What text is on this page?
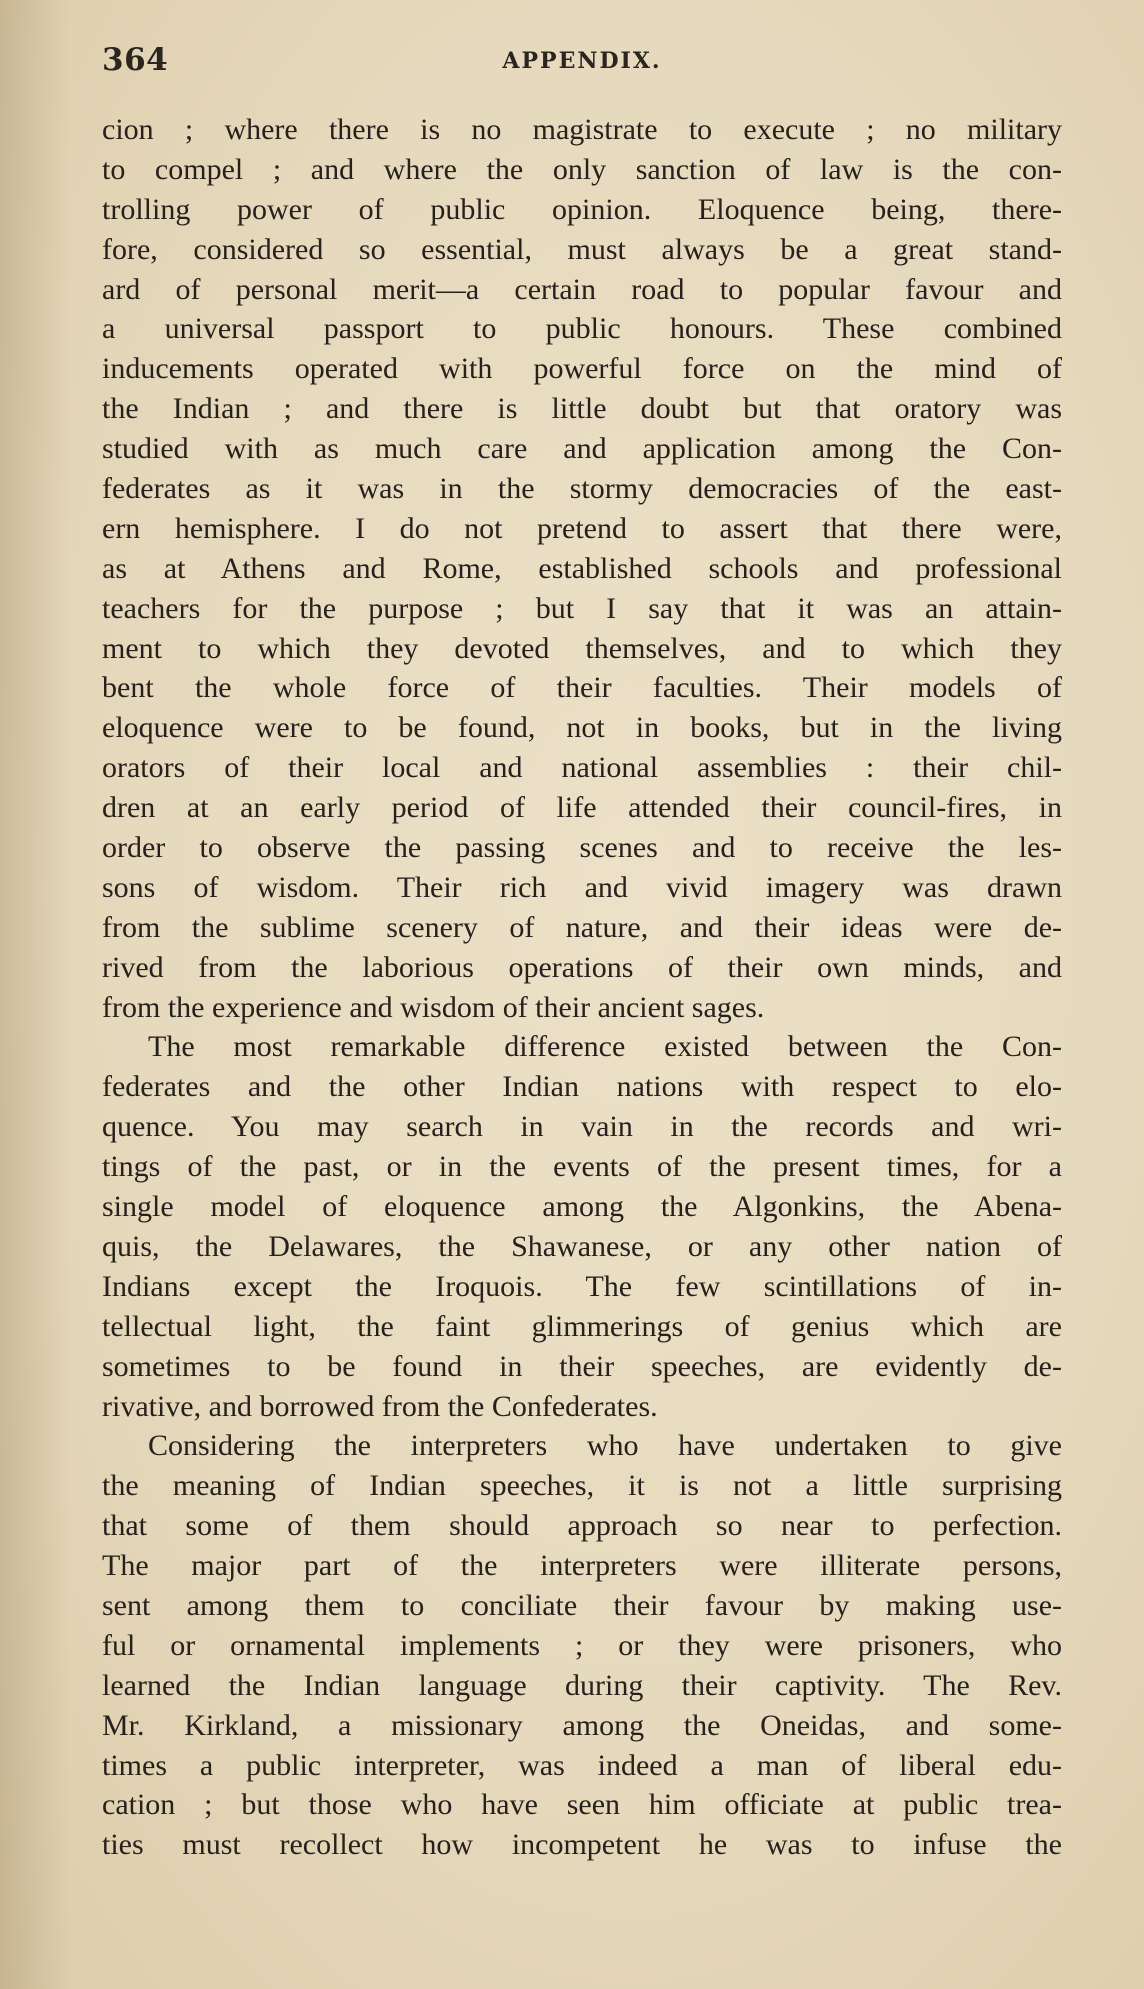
364	APPENDIX.
cion ; where there is no magistrate to execute ; no military
to compel ; and where the only sanction of law is the con-
trolling power of public opinion. Eloquence being, there-
fore, considered so essential, must always be a great stand-
ard of personal merit—a certain road to popular favour and
a universal passport to public honours. These combined
inducements operated with powerful force on the mind of
the Indian ; and there is little doubt but that oratory was
studied with as much care and application among the Con-
federates as it was in the stormy democracies of the east-
ern hemisphere. I do not pretend to assert that there were,
as at Athens and Rome, established schools and professional
teachers for the purpose ; but I say that it was an attain-
ment to which they devoted themselves, and to which they
bent the whole force of their faculties. Their models of
eloquence were to be found, not in books, but in the living
orators of their local and national assemblies : their chil-
dren at an early period of life attended their council-fires, in
order to observe the passing scenes and to receive the les-
sons of wisdom. Their rich and vivid imagery was drawn
from the sublime scenery of nature, and their ideas were de-
rived from the laborious operations of their own minds, and
from the experience and wisdom of their ancient sages.
The most remarkable difference existed between the Con-
federates and the other Indian nations with respect to elo-
quence. You may search in vain in the records and wri-
tings of the past, or in the events of the present times, for a
single model of eloquence among the Algonkins, the Abena-
quis, the Delawares, the Shawanese, or any other nation of
Indians except the Iroquois. The few scintillations of in-
tellectual light, the faint glimmerings of genius which are
sometimes to be found in their speeches, are evidently de-
rivative, and borrowed from the Confederates.
Considering the interpreters who have undertaken to give
the meaning of Indian speeches, it is not a little surprising
that some of them should approach so near to perfection.
The major part of the interpreters were illiterate persons,
sent among them to conciliate their favour by making use-
ful or ornamental implements ; or they were prisoners, who
learned the Indian language during their captivity. The Rev.
Mr. Kirkland, a missionary among the Oneidas, and some-
times a public interpreter, was indeed a man of liberal edu-
cation ; but those who have seen him officiate at public trea-
ties must recollect how incompetent he was to infuse the
